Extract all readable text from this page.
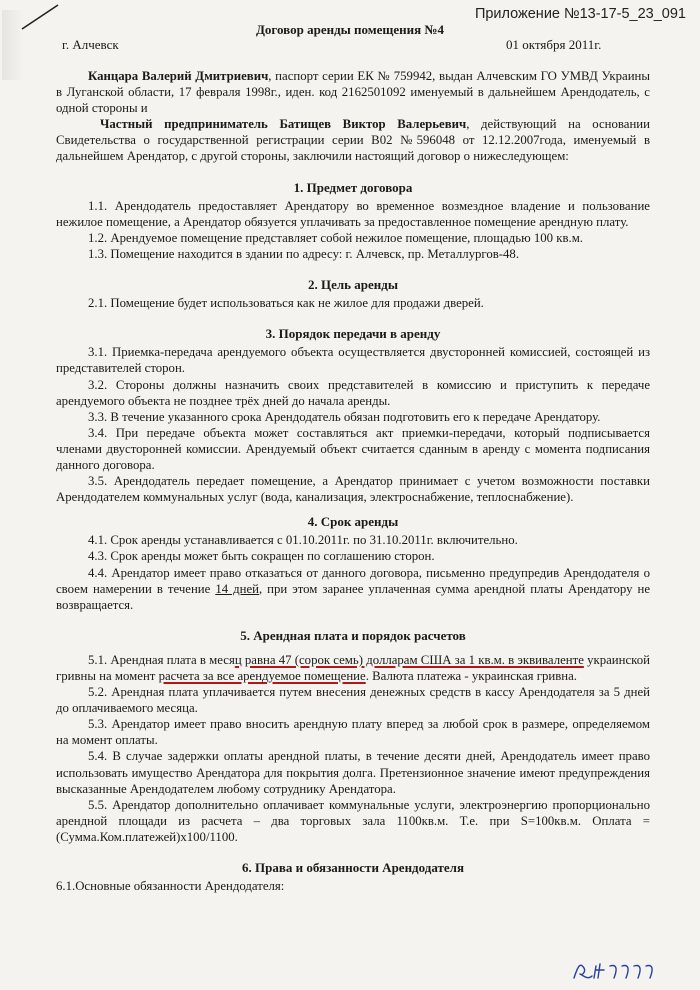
Приложение №13-17-5_23_091
Договор аренды помещения №4
г. Алчевск	01 октября 2011г.

Канцара Валерий Дмитриевич, паспорт серии ЕК № 759942, выдан Алчевским ГО УМВД Украины в Луганской области, 17 февраля 1998г., иден. код 2162501092 именуемый в дальнейшем Арендодатель, с одной стороны и

Частный предприниматель Батищев Виктор Валерьевич, действующий на основании Свидетельства о государственной регистрации серии В02 №596048 от 12.12.2007года, именуемый в дальнейшем Арендатор, с другой стороны, заключили настоящий договор о нижеследующем:

1. Предмет договора

1.1. Арендодатель предоставляет Арендатору во временное возмездное владение и пользование нежилое помещение, а Арендатор обязуется уплачивать за предоставленное помещение арендную плату.

1.2. Арендуемое помещение представляет собой нежилое помещение, площадью 100 кв.м.

1.3. Помещение находится в здании по адресу: г. Алчевск, пр. Металлургов-48.

2. Цель аренды

2.1. Помещение будет использоваться как не жилое для продажи дверей.

3. Порядок передачи в аренду

3.1. Приемка-передача арендуемого объекта осуществляется двусторонней комиссией, состоящей из представителей сторон.

3.2. Стороны должны назначить своих представителей в комиссию и приступить к передаче арендуемого объекта не позднее трёх дней до начала аренды.

3.3. В течение указанного срока Арендодатель обязан подготовить его к передаче Арендатору.

3.4. При передаче объекта может составляться акт приемки-передачи, который подписывается членами двусторонней комиссии. Арендуемый объект считается сданным в аренду с момента подписания данного договора.

3.5. Арендодатель передает помещение, а Арендатор принимает с учетом возможности поставки Арендодателем коммунальных услуг (вода, канализация, электроснабжение, теплоснабжение).

4. Срок аренды

4.1. Срок аренды устанавливается с 01.10.2011г. по 31.10.2011г. включительно.

4.3. Срок аренды может быть сокращен по соглашению сторон.

4.4. Арендатор имеет право отказаться от данного договора, письменно предупредив Арендодателя о своем намерении в течение 14 дней, при этом заранее уплаченная сумма арендной платы Арендатору не возвращается.

5. Арендная плата и порядок расчетов

5.1. Арендная плата в месяц равна 47 (сорок семь) долларам США за 1 кв.м. в эквиваленте украинской гривны на момент расчета за все арендуемое помещение. Валюта платежа - украинская гривна.

5.2. Арендная плата уплачивается путем внесения денежных средств в кассу Арендодателя за 5 дней до оплачиваемого месяца.

5.3. Арендатор имеет право вносить арендную плату вперед за любой срок в размере, определяемом на момент оплаты.

5.4. В случае задержки оплаты арендной платы, в течение десяти дней, Арендодатель имеет право использовать имущество Арендатора для покрытия долга. Претензионное значение имеют предупреждения высказанные Арендодателем любому сотруднику Арендатора.

5.5. Арендатор дополнительно оплачивает коммунальные услуги, электроэнергию пропорционально арендной площади из расчета – два торговых зала 1100кв.м. Т.е. при S=100кв.м. Оплата = (Сумма.Ком.платежей)x100/1100.

6. Права и обязанности Арендодателя

6.1.Основные обязанности Арендодателя:
